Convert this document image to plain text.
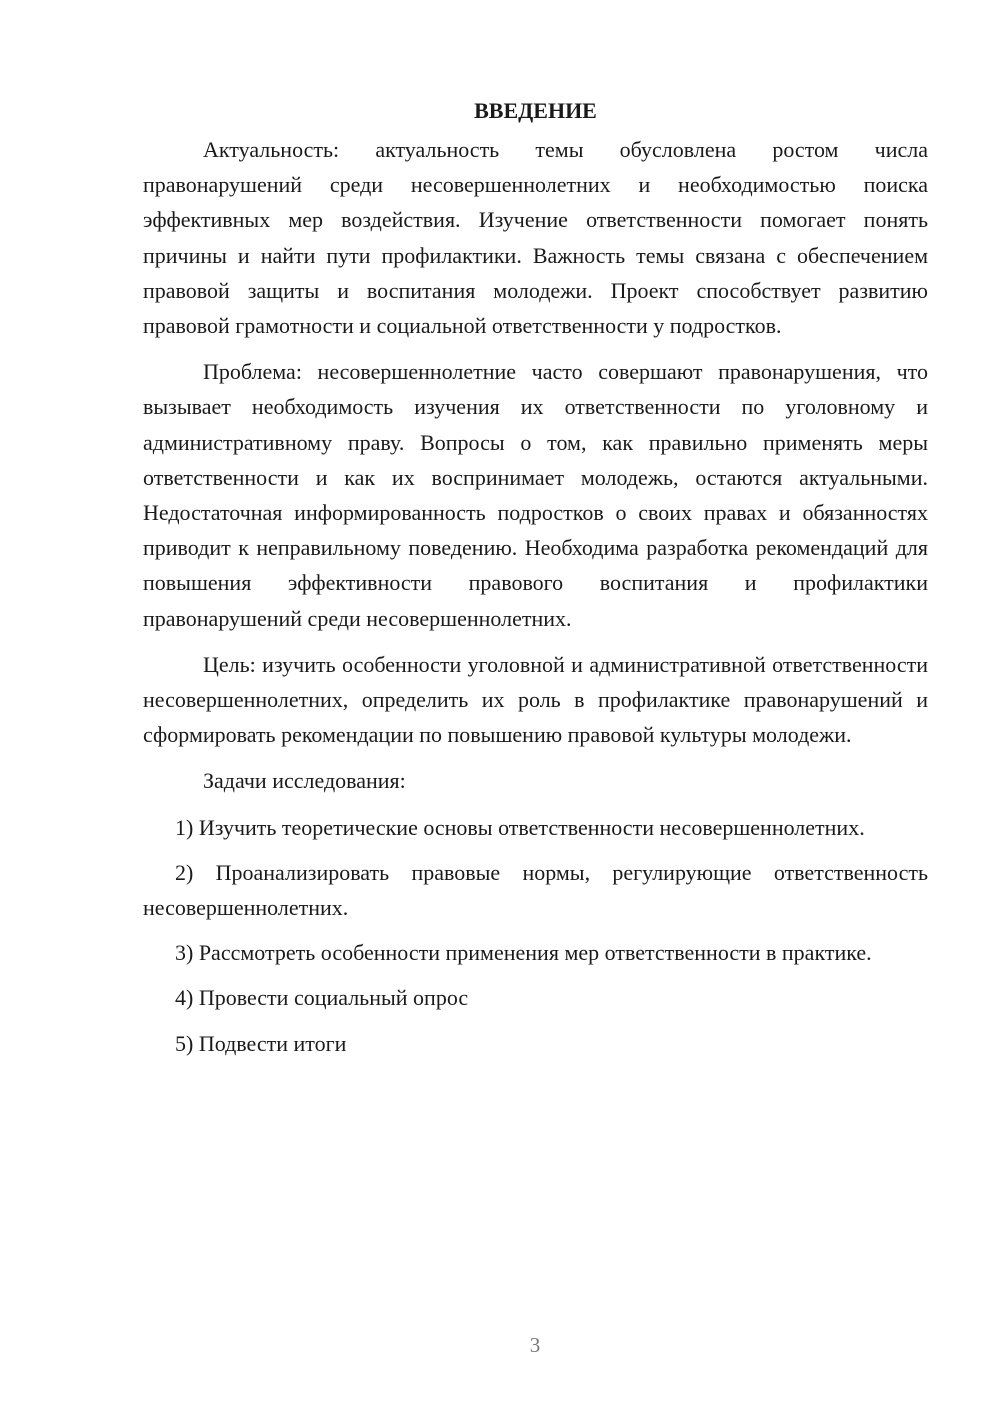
ВВЕДЕНИЕ

Актуальность: актуальность темы обусловлена ростом числа правонарушений среди несовершеннолетних и необходимостью поиска эффективных мер воздействия. Изучение ответственности помогает понять причины и найти пути профилактики. Важность темы связана с обеспечением правовой защиты и воспитания молодежи. Проект способствует развитию правовой грамотности и социальной ответственности у подростков.

Проблема: несовершеннолетние часто совершают правонарушения, что вызывает необходимость изучения их ответственности по уголовному и административному праву. Вопросы о том, как правильно применять меры ответственности и как их воспринимает молодежь, остаются актуальными. Недостаточная информированность подростков о своих правах и обязанностях приводит к неправильному поведению. Необходима разработка рекомендаций для повышения эффективности правового воспитания и профилактики правонарушений среди несовершеннолетних.

Цель: изучить особенности уголовной и административной ответственности несовершеннолетних, определить их роль в профилактике правонарушений и сформировать рекомендации по повышению правовой культуры молодежи.

Задачи исследования:

1) Изучить теоретические основы ответственности несовершеннолетних.

2) Проанализировать правовые нормы, регулирующие ответственность несовершеннолетних.

3) Рассмотреть особенности применения мер ответственности в практике.

4) Провести социальный опрос

5) Подвести итоги

3
